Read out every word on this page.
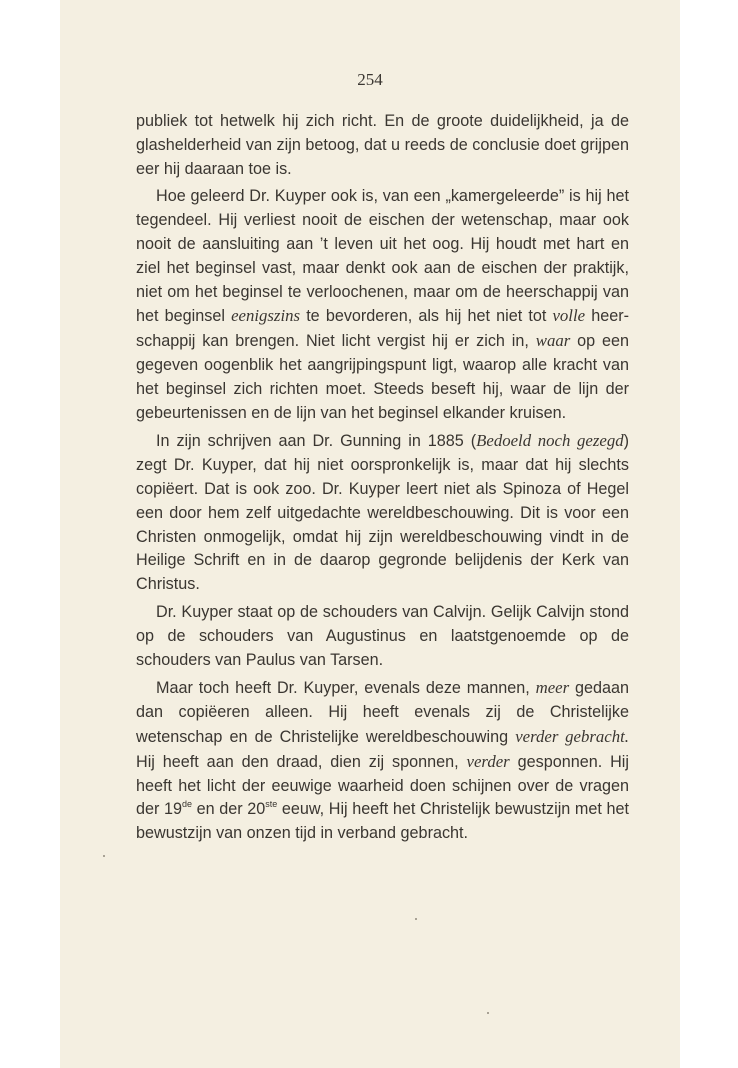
254

publiek tot hetwelk hij zich richt. En de groote duidelijkheid, ja de glashelderheid van zijn betoog, dat u reeds de conclusie doet grijpen eer hij daaraan toe is.

Hoe geleerd Dr. Kuyper ook is, van een „kamergeleerde” is hij het tegendeel. Hij verliest nooit de eischen der wetenschap, maar ook nooit de aansluiting aan ’t leven uit het oog. Hij houdt met hart en ziel het beginsel vast, maar denkt ook aan de eischen der praktijk, niet om het beginsel te verloochenen, maar om de heerschappij van het beginsel eenigszins te bevorderen, als hij het niet tot volle heerschappij kan brengen. Niet licht vergist hij er zich in, waar op een gegeven oogenblik het aangrijpingspunt ligt, waarop alle kracht van het beginsel zich richten moet. Steeds beseft hij, waar de lijn der gebeurtenissen en de lijn van het beginsel elkander kruisen.

In zijn schrijven aan Dr. Gunning in 1885 (Bedoeld noch gezegd) zegt Dr. Kuyper, dat hij niet oorspronkelijk is, maar dat hij slechts copiëert. Dat is ook zoo. Dr. Kuyper leert niet als Spinoza of Hegel een door hem zelf uitgedachte wereldbeschouwing. Dit is voor een Christen onmogelijk, omdat hij zijn wereldbeschouwing vindt in de Heilige Schrift en in de daarop gegronde belijdenis der Kerk van Christus.

Dr. Kuyper staat op de schouders van Calvijn. Gelijk Calvijn stond op de schouders van Augustinus en laatstgenoemde op de schouders van Paulus van Tarsen.

Maar toch heeft Dr. Kuyper, evenals deze mannen, meer gedaan dan copiëeren alleen. Hij heeft evenals zij de Christelijke wetenschap en de Christelijke wereldbeschouwing verder gebracht. Hij heeft aan den draad, dien zij sponnen, verder gesponnen. Hij heeft het licht der eeuwige waarheid doen schijnen over de vragen der 19de en der 20ste eeuw, Hij heeft het Christelijk bewustzijn met het bewustzijn van onzen tijd in verband gebracht.
